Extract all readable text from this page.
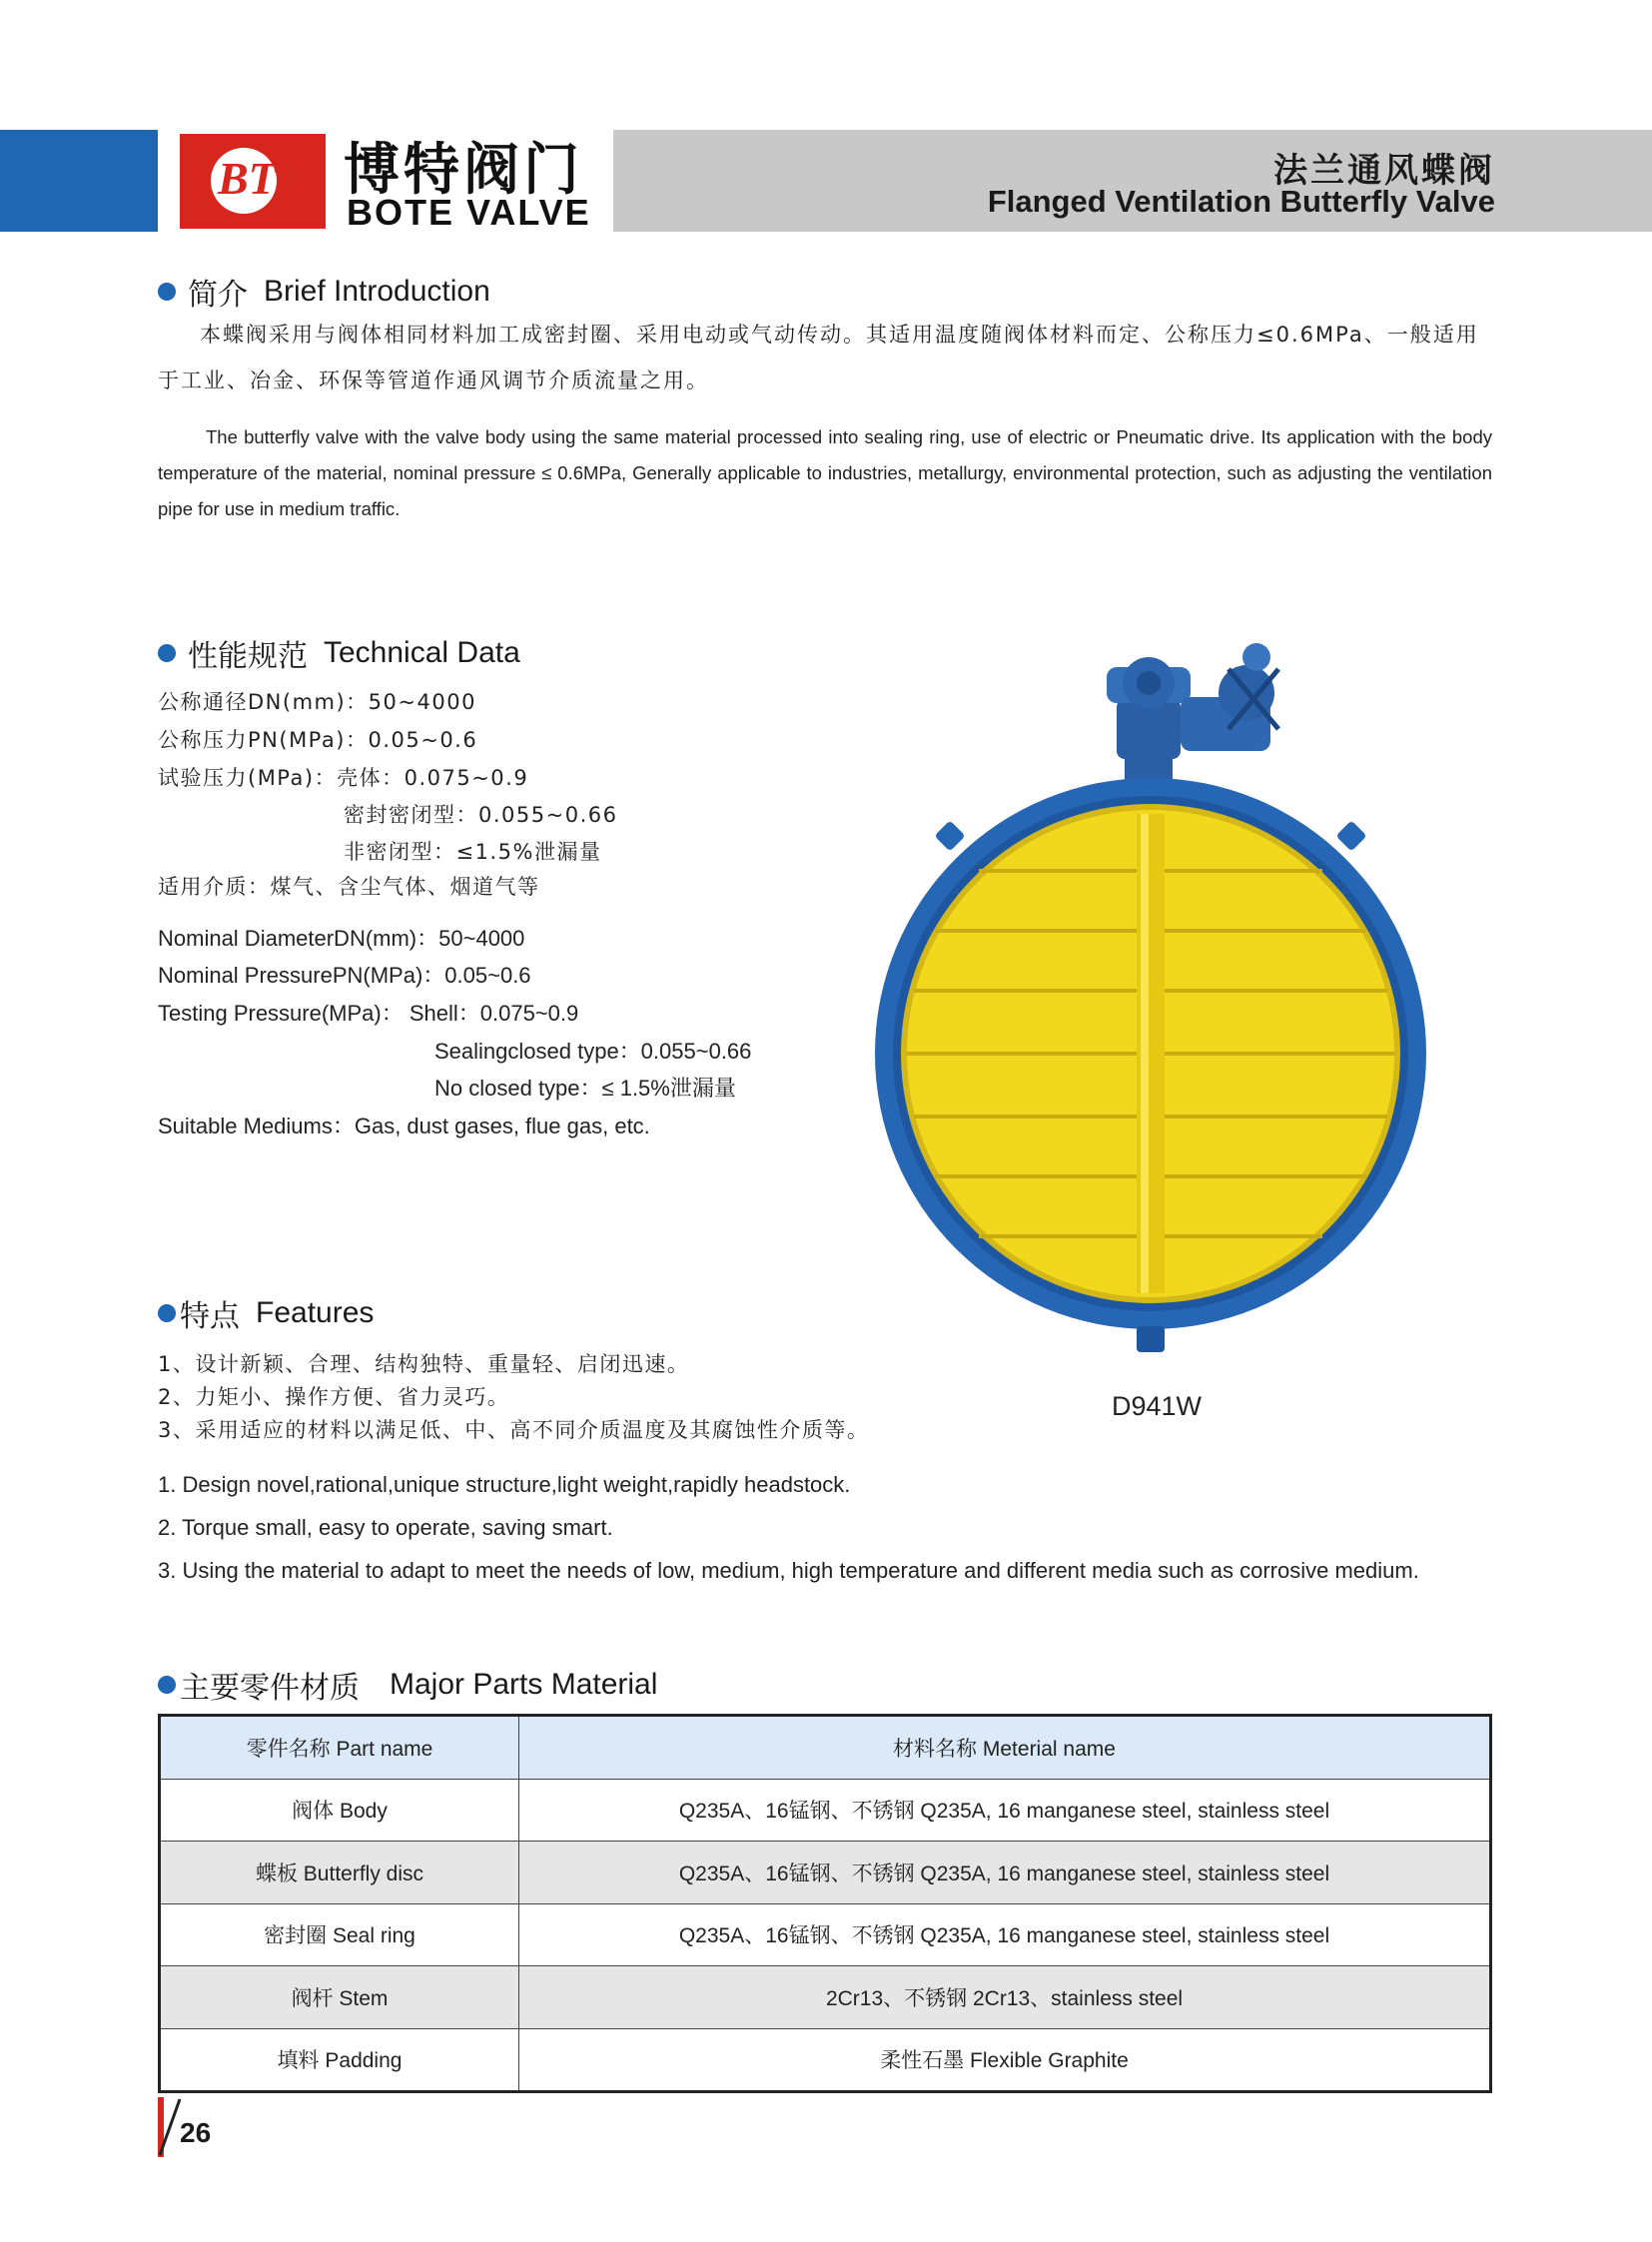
BT 博特阀门
BOTE VALVE
法兰通风蝶阀
Flanged Ventilation Butterfly Valve
简介 Brief Introduction
本蝶阀采用与阀体相同材料加工成密封圈、采用电动或气动传动。其适用温度随阀体材料而定、公称压力≤0.6MPa、一般适用
于工业、冶金、环保等管道作通风调节介质流量之用。
The butterfly valve with the valve body using the same material processed into sealing ring, use of electric or Pneumatic drive. Its application with the body temperature of the material, nominal pressure ≤ 0.6MPa, Generally applicable to industries, metallurgy, environmental protection, such as adjusting the ventilation pipe for use in medium traffic.
性能规范 Technical Data
公称通径DN(mm)：50~4000
公称压力PN(MPa)：0.05~0.6
试验压力(MPa)：壳体：0.075~0.9
密封密闭型：0.055~0.66
非密闭型：≤1.5%泄漏量
适用介质：煤气、含尘气体、烟道气等
Nominal DiameterDN(mm)：50~4000
Nominal PressurePN(MPa)：0.05~0.6
Testing Pressure(MPa)： Shell：0.075~0.9
Sealingclosed type：0.055~0.66
No closed type：≤ 1.5%泄漏量
Suitable Mediums：Gas, dust gases, flue gas, etc.
D941W
特点 Features
1、设计新颖、合理、结构独特、重量轻、启闭迅速。
2、力矩小、操作方便、省力灵巧。
3、采用适应的材料以满足低、中、高不同介质温度及其腐蚀性介质等。
1. Design novel,rational,unique structure,light weight,rapidly headstock.
2. Torque small, easy to operate, saving smart.
3. Using the material to adapt to meet the needs of low, medium, high temperature and different media such as corrosive medium.
主要零件材质 Major Parts Material
零件名称 Part name	材料名称 Meterial name
阀体 Body	Q235A、16锰钢、不锈钢 Q235A, 16 manganese steel, stainless steel
蝶板 Butterfly disc	Q235A、16锰钢、不锈钢 Q235A, 16 manganese steel, stainless steel
密封圈 Seal ring	Q235A、16锰钢、不锈钢 Q235A, 16 manganese steel, stainless steel
阀杆 Stem	2Cr13、不锈钢 2Cr13、stainless steel
填料 Padding	柔性石墨 Flexible Graphite
26
